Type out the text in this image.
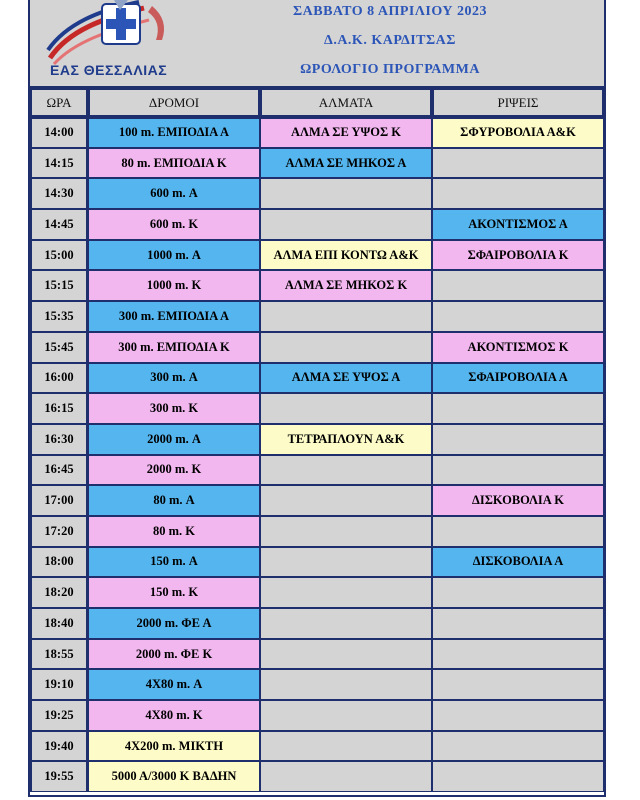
ΕΑΣ ΘΕΣΣΑΛΙΑΣ
ΣΑΒΒΑΤΟ 8 ΑΠΡΙΛΙΟΥ 2023
Δ.Α.Κ. ΚΑΡΔΙΤΣΑΣ
ΩΡΟΛΟΓΙΟ ΠΡΟΓΡΑΜΜΑ
ΩΡΑ	ΔΡΟΜΟΙ	ΑΛΜΑΤΑ	ΡΙΨΕΙΣ
14:00	100 m. ΕΜΠΟΔΙΑ Α	ΑΛΜΑ ΣΕ ΥΨΟΣ Κ	ΣΦΥΡΟΒΟΛΙΑ Α&Κ
14:15	80 m. ΕΜΠΟΔΙΑ Κ	ΑΛΜΑ ΣΕ ΜΗΚΟΣ Α	
14:30	600 m. Α		
14:45	600 m. Κ		ΑΚΟΝΤΙΣΜΟΣ Α
15:00	1000 m. Α	ΑΛΜΑ ΕΠΙ ΚΟΝΤΩ Α&Κ	ΣΦΑΙΡΟΒΟΛΙΑ Κ
15:15	1000 m. Κ	ΑΛΜΑ ΣΕ ΜΗΚΟΣ Κ	
15:35	300 m. ΕΜΠΟΔΙΑ Α		
15:45	300 m. ΕΜΠΟΔΙΑ Κ		ΑΚΟΝΤΙΣΜΟΣ Κ
16:00	300 m. Α	ΑΛΜΑ ΣΕ ΥΨΟΣ Α	ΣΦΑΙΡΟΒΟΛΙΑ Α
16:15	300 m. Κ		
16:30	2000 m. Α	ΤΕΤΡΑΠΛΟΥΝ Α&Κ	
16:45	2000 m. Κ		
17:00	80 m. Α		ΔΙΣΚΟΒΟΛΙΑ Κ
17:20	80 m. Κ		
18:00	150 m. Α		ΔΙΣΚΟΒΟΛΙΑ Α
18:20	150 m. Κ		
18:40	2000 m. ΦΕ Α		
18:55	2000 m. ΦΕ Κ		
19:10	4Χ80 m. Α		
19:25	4Χ80 m. Κ		
19:40	4Χ200 m. ΜΙΚΤΗ		
19:55	5000 Α/3000 Κ ΒΑΔΗΝ		
